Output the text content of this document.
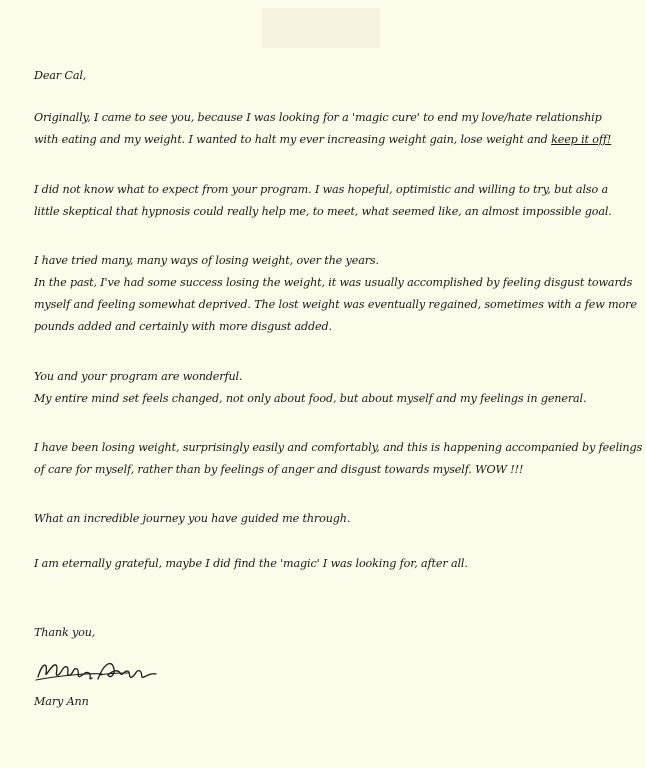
Dear Cal,
Originally, I came to see you, because I was looking for a 'magic cure' to end my love/hate relationship
with eating and my weight. I wanted to halt my ever increasing weight gain, lose weight and keep it off!
I did not know what to expect from your program. I was hopeful, optimistic and willing to try, but also a
little skeptical that hypnosis could really help me, to meet, what seemed like, an almost impossible goal.
I have tried many, many ways of losing weight, over the years.
In the past, I've had some success losing the weight, it was usually accomplished by feeling disgust towards
myself and feeling somewhat deprived. The lost weight was eventually regained, sometimes with a few more
pounds added and certainly with more disgust added.
You and your program are wonderful.
My entire mind set feels changed, not only about food, but about myself and my feelings in general.
I have been losing weight, surprisingly easily and comfortably, and this is happening accompanied by feelings
of care for myself, rather than by feelings of anger and disgust towards myself. WOW !!!
What an incredible journey you have guided me through.
I am eternally grateful, maybe I did find the 'magic' I was looking for, after all.
Thank you,
Mary Ann
